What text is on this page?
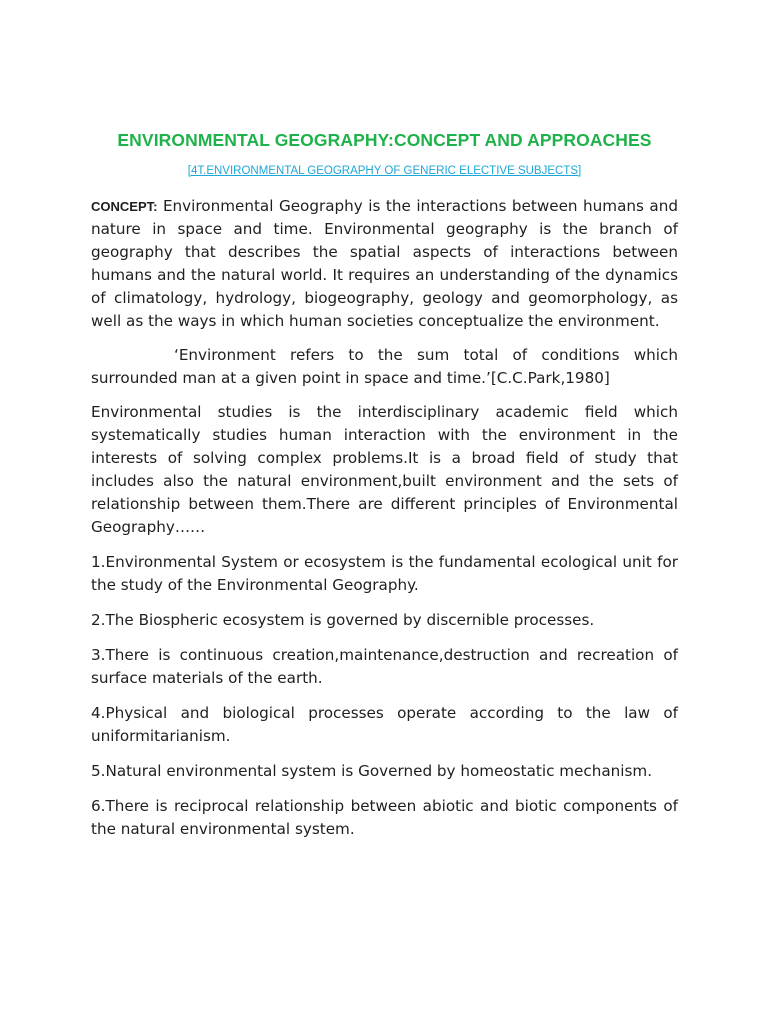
ENVIRONMENTAL GEOGRAPHY:CONCEPT AND APPROACHES

[4T.ENVIRONMENTAL GEOGRAPHY OF GENERIC ELECTIVE SUBJECTS]

CONCEPT: Environmental Geography is the interactions between humans and nature in space and time. Environmental geography is the branch of geography that describes the spatial aspects of interactions between humans and the natural world. It requires an understanding of the dynamics of climatology, hydrology, biogeography, geology and geomorphology, as well as the ways in which human societies conceptualize the environment.

‘Environment refers to the sum total of conditions which surrounded man at a given point in space and time.’[C.C.Park,1980]

Environmental studies is the interdisciplinary academic field which systematically studies human interaction with the environment in the interests of solving complex problems.It is a broad field of study that includes also the natural environment,built environment and the sets of relationship between them.There are different principles of Environmental Geography……

1.Environmental System or ecosystem is the fundamental ecological unit for the study of the Environmental Geography.

2.The Biospheric ecosystem is governed by discernible processes.

3.There is continuous creation,maintenance,destruction and recreation of surface materials of the earth.

4.Physical and biological processes operate according to the law of uniformitarianism.

5.Natural environmental system is Governed by homeostatic mechanism.

6.There is reciprocal relationship between abiotic and biotic components of the natural environmental system.
